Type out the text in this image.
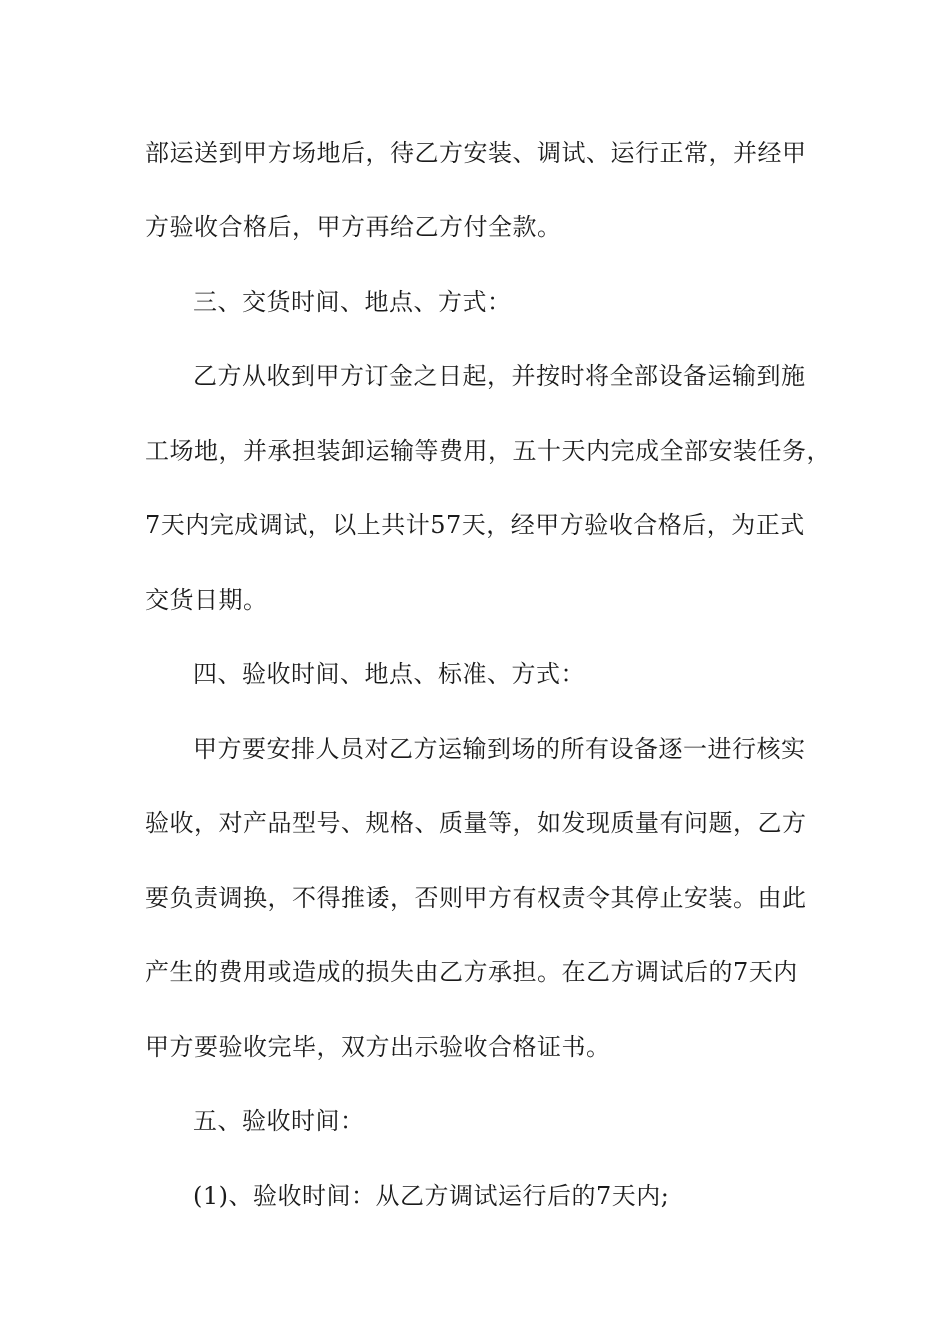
部运送到甲方场地后，待乙方安装、调试、运行正常，并经甲
方验收合格后，甲方再给乙方付全款。
三、交货时间、地点、方式：
乙方从收到甲方订金之日起，并按时将全部设备运输到施
工场地，并承担装卸运输等费用，五十天内完成全部安装任务，
7天内完成调试，以上共计57天，经甲方验收合格后，为正式
交货日期。
四、验收时间、地点、标准、方式：
甲方要安排人员对乙方运输到场的所有设备逐一进行核实
验收，对产品型号、规格、质量等，如发现质量有问题，乙方
要负责调换，不得推诿，否则甲方有权责令其停止安装。由此
产生的费用或造成的损失由乙方承担。在乙方调试后的7天内
甲方要验收完毕，双方出示验收合格证书。
五、验收时间：
(1)、验收时间：从乙方调试运行后的7天内;
